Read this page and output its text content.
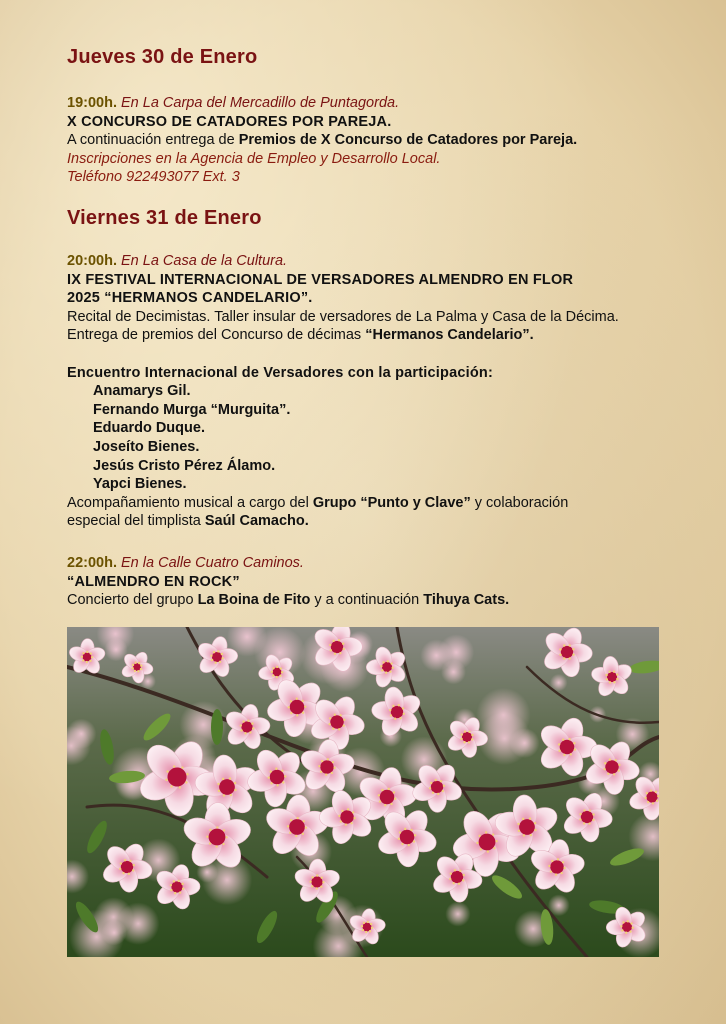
Jueves 30 de Enero
19:00h. En La Carpa del Mercadillo de Puntagorda.
X CONCURSO DE CATADORES POR PAREJA.
A continuación entrega de Premios de X Concurso de Catadores por Pareja.
Inscripciones en la Agencia de Empleo y Desarrollo Local.
Teléfono 922493077 Ext. 3
Viernes 31 de Enero
20:00h. En La Casa de la Cultura.
IX FESTIVAL INTERNACIONAL DE VERSADORES ALMENDRO EN FLOR
2025 “HERMANOS CANDELARIO”.
Recital de Decimistas. Taller insular de versadores de La Palma y Casa de la Décima.
Entrega de premios del Concurso de décimas “Hermanos Candelario”.
Encuentro Internacional de Versadores con la participación:
Anamarys Gil.
Fernando Murga “Murguita”.
Eduardo Duque.
Joseíto Bienes.
Jesús Cristo Pérez Álamo.
Yapci Bienes.
Acompañamiento musical a cargo del Grupo “Punto y Clave” y colaboración
especial del timplista Saúl Camacho.
22:00h. En la Calle Cuatro Caminos.
“ALMENDRO EN ROCK”
Concierto del grupo La Boina de Fito y a continuación Tihuya Cats.
